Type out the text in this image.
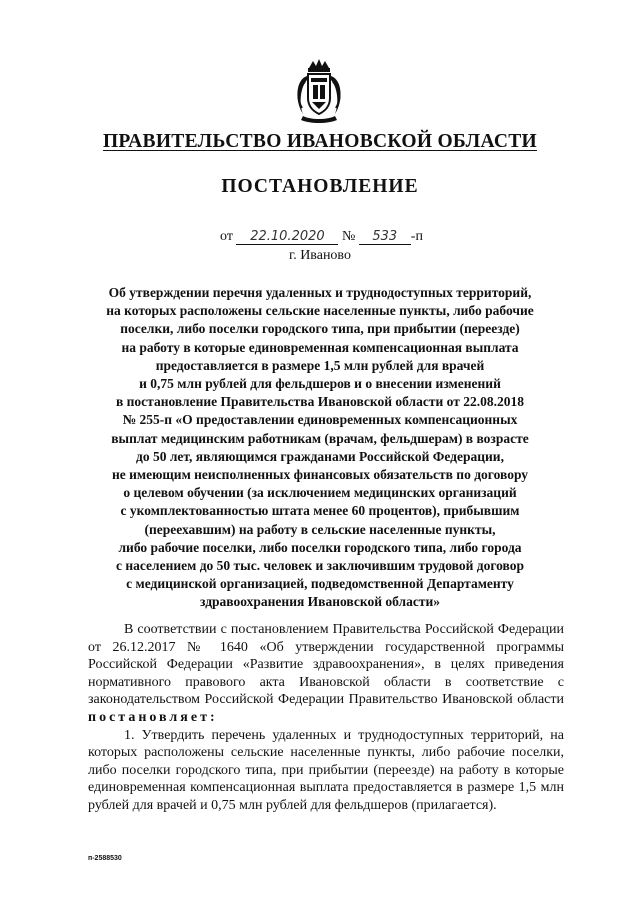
ПРАВИТЕЛЬСТВО ИВАНОВСКОЙ ОБЛАСТИ
ПОСТАНОВЛЕНИЕ
от 22.10.2020 № 533 -п
г. Иваново
Об утверждении перечня удаленных и труднодоступных территорий,
на которых расположены сельские населенные пункты, либо рабочие
поселки, либо поселки городского типа, при прибытии (переезде)
на работу в которые единовременная компенсационная выплата
предоставляется в размере 1,5 млн рублей для врачей
и 0,75 млн рублей для фельдшеров и о внесении изменений
в постановление Правительства Ивановской области от 22.08.2018
№ 255-п «О предоставлении единовременных компенсационных
выплат медицинским работникам (врачам, фельдшерам) в возрасте
до 50 лет, являющимся гражданами Российской Федерации,
не имеющим неисполненных финансовых обязательств по договору
о целевом обучении (за исключением медицинских организаций
с укомплектованностью штата менее 60 процентов), прибывшим
(переехавшим) на работу в сельские населенные пункты,
либо рабочие поселки, либо поселки городского типа, либо города
с населением до 50 тыс. человек и заключившим трудовой договор
с медицинской организацией, подведомственной Департаменту
здравоохранения Ивановской области»

В соответствии с постановлением Правительства Российской Федерации от 26.12.2017 № 1640 «Об утверждении государственной программы Российской Федерации «Развитие здравоохранения», в целях приведения нормативного правового акта Ивановской области в соответствие с законодательством Российской Федерации Правительство Ивановской области постановляет:

1. Утвердить перечень удаленных и труднодоступных территорий, на которых расположены сельские населенные пункты, либо рабочие поселки, либо поселки городского типа, при прибытии (переезде) на работу в которые единовременная компенсационная выплата предоставляется в размере 1,5 млн рублей для врачей и 0,75 млн рублей для фельдшеров (прилагается).

п-2588530
